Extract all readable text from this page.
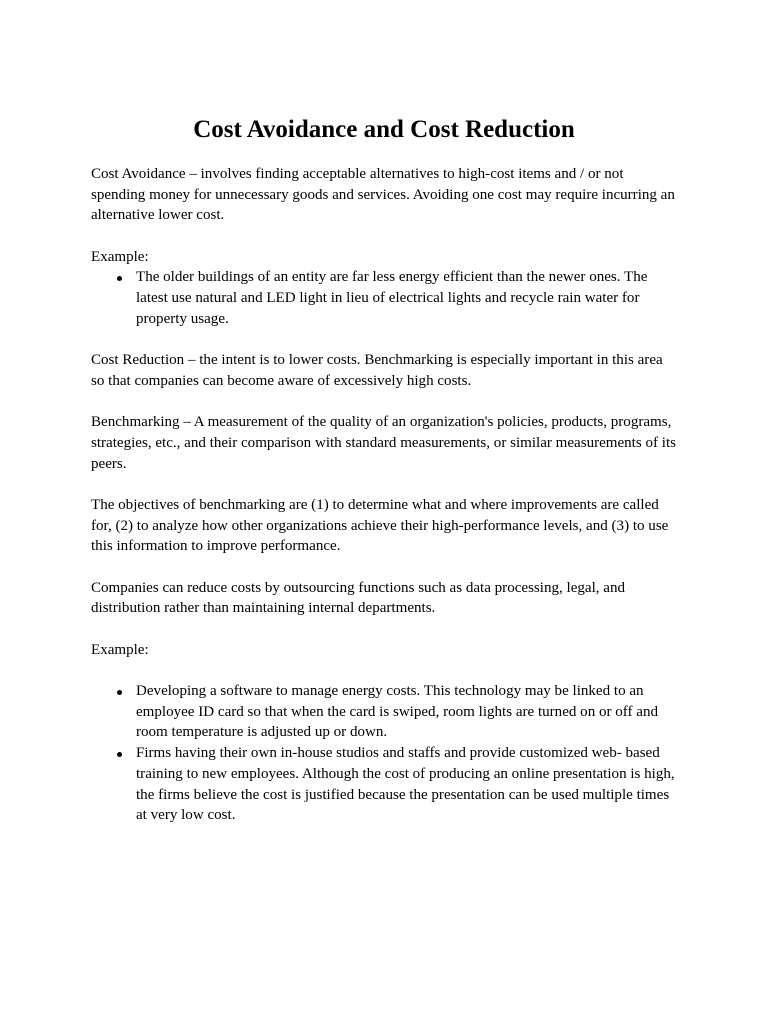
Cost Avoidance and Cost Reduction

Cost Avoidance – involves finding acceptable alternatives to high-cost items and / or not
spending money for unnecessary goods and services. Avoiding one cost may require incurring an
alternative lower cost.

Example:

The older buildings of an entity are far less energy efficient than the newer ones. The
latest use natural and LED light in lieu of electrical lights and recycle rain water for
property usage.

Cost Reduction – the intent is to lower costs. Benchmarking is especially important in this area
so that companies can become aware of excessively high costs.

Benchmarking – A measurement of the quality of an organization's policies, products, programs,
strategies, etc., and their comparison with standard measurements, or similar measurements of its
peers.

The objectives of benchmarking are (1) to determine what and where improvements are called
for, (2) to analyze how other organizations achieve their high-performance levels, and (3) to use
this information to improve performance.

Companies can reduce costs by outsourcing functions such as data processing, legal, and
distribution rather than maintaining internal departments.

Example:

Developing a software to manage energy costs. This technology may be linked to an
employee ID card so that when the card is swiped, room lights are turned on or off and
room temperature is adjusted up or down.
Firms having their own in-house studios and staffs and provide customized web- based
training to new employees. Although the cost of producing an online presentation is high,
the firms believe the cost is justified because the presentation can be used multiple times
at very low cost.
